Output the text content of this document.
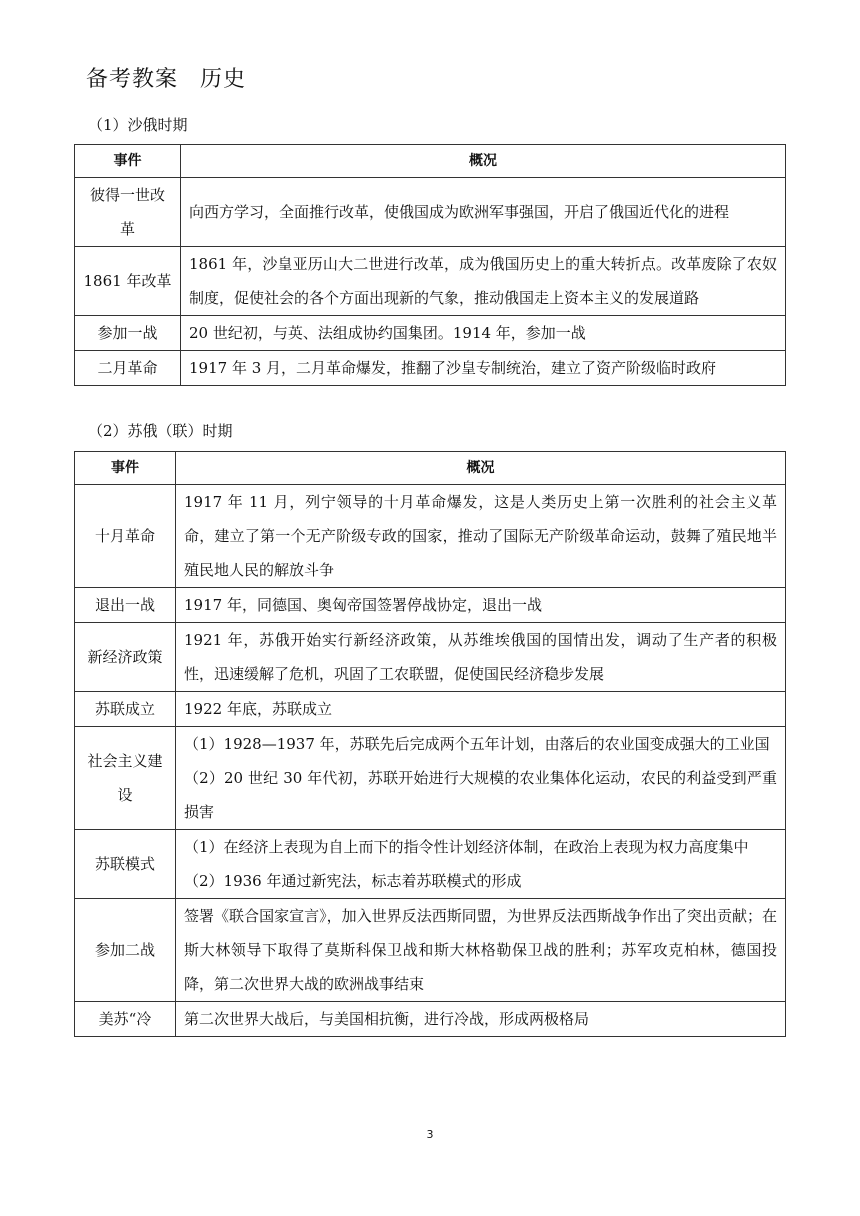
备考教案 历史
（1）沙俄时期
事件	概况
彼得一世改革	向西方学习，全面推行改革，使俄国成为欧洲军事强国，开启了俄国近代化的进程

1861 年改革	1861 年，沙皇亚历山大二世进行改革，成为俄国历史上的重大转折点。改革废除了农奴制度，促使社会的各个方面出现新的气象，推动俄国走上资本主义的发展道路

参加一战	20 世纪初，与英、法组成协约国集团。1914 年，参加一战

二月革命	1917 年 3 月，二月革命爆发，推翻了沙皇专制统治，建立了资产阶级临时政府
（2）苏俄（联）时期
事件	概况
十月革命	1917 年 11 月，列宁领导的十月革命爆发，这是人类历史上第一次胜利的社会主义革命，建立了第一个无产阶级专政的国家，推动了国际无产阶级革命运动，鼓舞了殖民地半殖民地人民的解放斗争

退出一战	1917 年，同德国、奥匈帝国签署停战协定，退出一战

新经济政策	1921 年，苏俄开始实行新经济政策，从苏维埃俄国的国情出发，调动了生产者的积极性，迅速缓解了危机，巩固了工农联盟，促使国民经济稳步发展

苏联成立	1922 年底，苏联成立

社会主义建设	（1）1928—1937 年，苏联先后完成两个五年计划，由落后的农业国变成强大的工业国
（2）20 世纪 30 年代初，苏联开始进行大规模的农业集体化运动，农民的利益受到严重损害

苏联模式	（1）在经济上表现为自上而下的指令性计划经济体制，在政治上表现为权力高度集中
（2）1936 年通过新宪法，标志着苏联模式的形成

参加二战	签署《联合国家宣言》，加入世界反法西斯同盟，为世界反法西斯战争作出了突出贡献；在斯大林领导下取得了莫斯科保卫战和斯大林格勒保卫战的胜利；苏军攻克柏林，德国投降，第二次世界大战的欧洲战事结束

美苏“冷	第二次世界大战后，与美国相抗衡，进行冷战，形成两极格局
3
